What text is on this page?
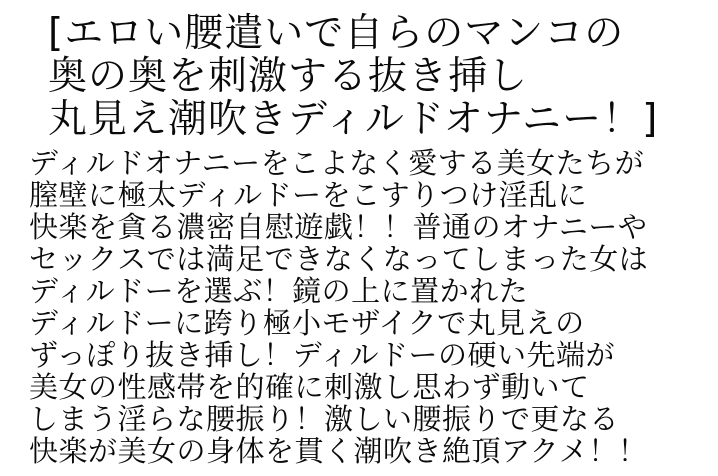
[エロい腰遣いで自らのマンコの
奥の奥を刺激する抜き挿し
丸見え潮吹きディルドオナニー！]
ディルドオナニーをこよなく愛する美女たちが
膣壁に極太ディルドーをこすりつけ淫乱に
快楽を貪る濃密自慰遊戯！！普通のオナニーや
セックスでは満足できなくなってしまった女は
ディルドーを選ぶ！鏡の上に置かれた
ディルドーに跨り極小モザイクで丸見えの
ずっぽり抜き挿し！ディルドーの硬い先端が
美女の性感帯を的確に刺激し思わず動いて
しまう淫らな腰振り！激しい腰振りで更なる
快楽が美女の身体を貫く潮吹き絶頂アクメ！！
